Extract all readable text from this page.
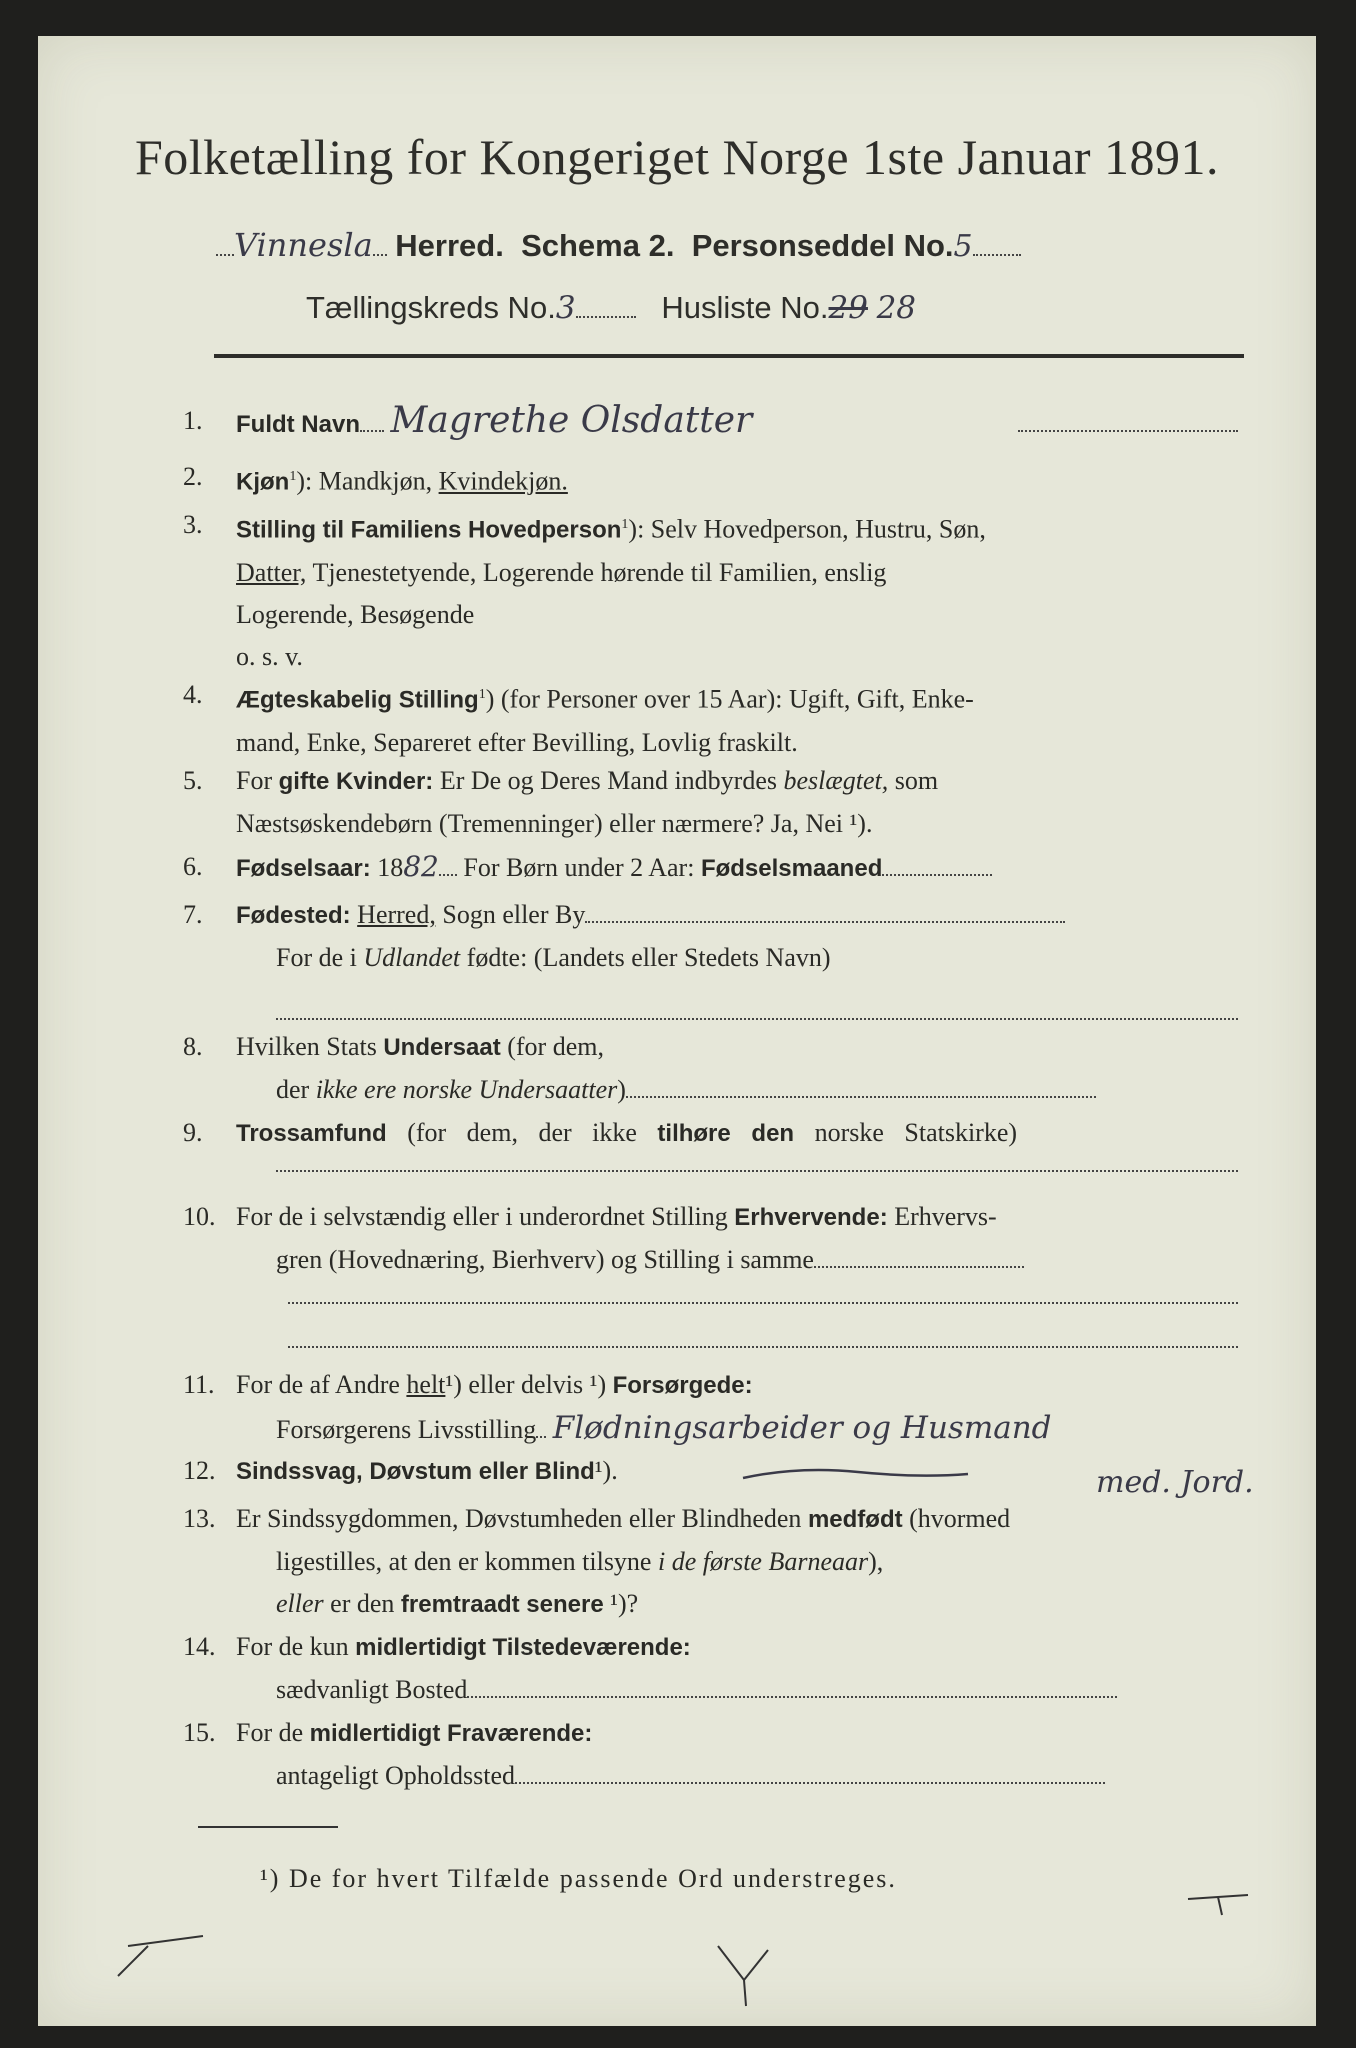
Folketælling for Kongeriget Norge 1ste Januar 1891.
Vinnesla Herred. Schema 2. Personseddel No.5
Tællingskreds No.3	Husliste No.29 28
1.	Fuldt Navn Magrethe Olsdatter
2.	Kjøn$^1$): Mandkjøn, Kvindekjøn.
3.	Stilling til Familiens Hovedperson$^1$): Selv Hovedperson, Hustru, Søn,
Datter, Tjenestetyende, Logerende hørende til Familien, enslig
Logerende, Besøgende
o. s. v.
4.	Ægteskabelig Stilling$^1$) (for Personer over 15 Aar): Ugift, Gift, Enke-
mand, Enke, Separeret efter Bevilling, Lovlig fraskilt.
5.	For gifte Kvinder: Er De og Deres Mand indbyrdes beslægtet, som
Næstsøskendebørn (Tremenninger) eller nærmere? Ja, Nei ¹).
6.	Fødselsaar: 1882 For Børn under 2 Aar: Fødselsmaaned
7.	Fødested: Herred, Sogn eller By
For de i Udlandet fødte: (Landets eller Stedets Navn)
8.	Hvilken Stats Undersaat (for dem,
der ikke ere norske Undersaatter)
9.	Trossamfund (for dem, der ikke tilhøre den norske Statskirke)
10. For de i selvstændig eller i underordnet Stilling Erhvervende: Erhvervs-
gren (Hovednæring, Bierhverv) og Stilling i samme
11. For de af Andre helt¹) eller delvis ¹) Forsørgede:
Forsørgerens Livsstilling Flødningsarbeider og Husmand
med. Jord.
12. Sindssvag, Døvstum eller Blind¹).
13. Er Sindssygdommen, Døvstumheden eller Blindheden medfødt (hvormed
ligestilles, at den er kommen tilsyne i de første Barneaar),
eller er den fremtraadt senere ¹)?
14. For de kun midlertidigt Tilstedeværende:
sædvanligt Bosted
15. For de midlertidigt Fraværende:
antageligt Opholdssted
¹) De for hvert Tilfælde passende Ord understreges.
